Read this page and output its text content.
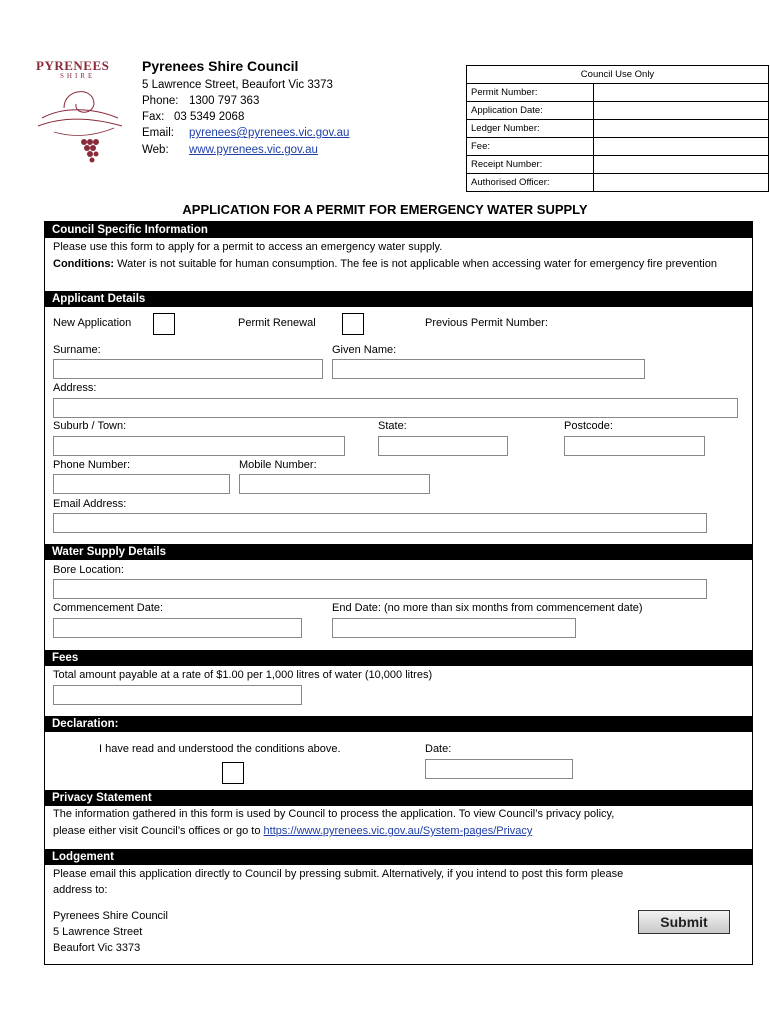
PYRENEES
SHIRE
Pyrenees Shire Council
5 Lawrence Street, Beaufort Vic 3373
Phone: 1300 797 363
Fax: 03 5349 2068
Email: pyrenees@pyrenees.vic.gov.au
Web: www.pyrenees.vic.gov.au
Council Use Only	
Permit Number:	
Application Date:	
Ledger Number:	
Fee:	
Receipt Number:	
Authorised Officer:	
APPLICATION FOR A PERMIT FOR EMERGENCY WATER SUPPLY
Council Specific Information
Please use this form to apply for a permit to access an emergency water supply.
Conditions: Water is not suitable for human consumption. The fee is not applicable when accessing water for emergency fire prevention
Applicant Details
New Application	Permit Renewal	Previous Permit Number:
Surname:	Given Name:
Address:
Suburb / Town:	State:	Postcode:
Phone Number:	Mobile Number:
Email Address:
Water Supply Details
Bore Location:
Commencement Date:	End Date: (no more than six months from commencement date)
Fees
Total amount payable at a rate of $1.00 per 1,000 litres of water (10,000 litres)
Declaration:
I have read and understood the conditions above.	Date:
Privacy Statement
The information gathered in this form is used by Council to process the application. To view Council’s privacy policy,
please either visit Council’s offices or go to https://www.pyrenees.vic.gov.au/System-pages/Privacy
Lodgement
Please email this application directly to Council by pressing submit. Alternatively, if you intend to post this form please
address to:
Pyrenees Shire Council
5 Lawrence Street
Beaufort Vic 3373
Submit
